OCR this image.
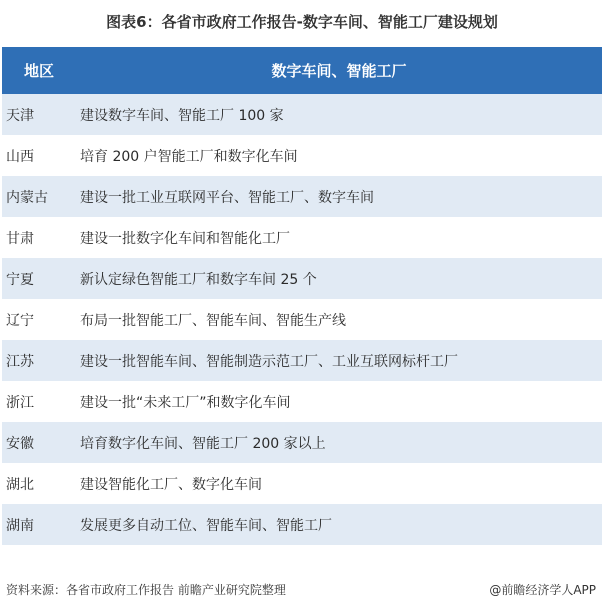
图表6：各省市政府工作报告-数字车间、智能工厂建设规划
地区	数字车间、智能工厂
天津	建设数字车间、智能工厂 100 家
山西	培育 200 户智能工厂和数字化车间
内蒙古	建设一批工业互联网平台、智能工厂、数字车间
甘肃	建设一批数字化车间和智能化工厂
宁夏	新认定绿色智能工厂和数字车间 25 个
辽宁	布局一批智能工厂、智能车间、智能生产线
江苏	建设一批智能车间、智能制造示范工厂、工业互联网标杆工厂
浙江	建设一批“未来工厂”和数字化车间
安徽	培育数字化车间、智能工厂 200 家以上
湖北	建设智能化工厂、数字化车间
湖南	发展更多自动工位、智能车间、智能工厂
资料来源：各省市政府工作报告 前瞻产业研究院整理	@前瞻经济学人APP
